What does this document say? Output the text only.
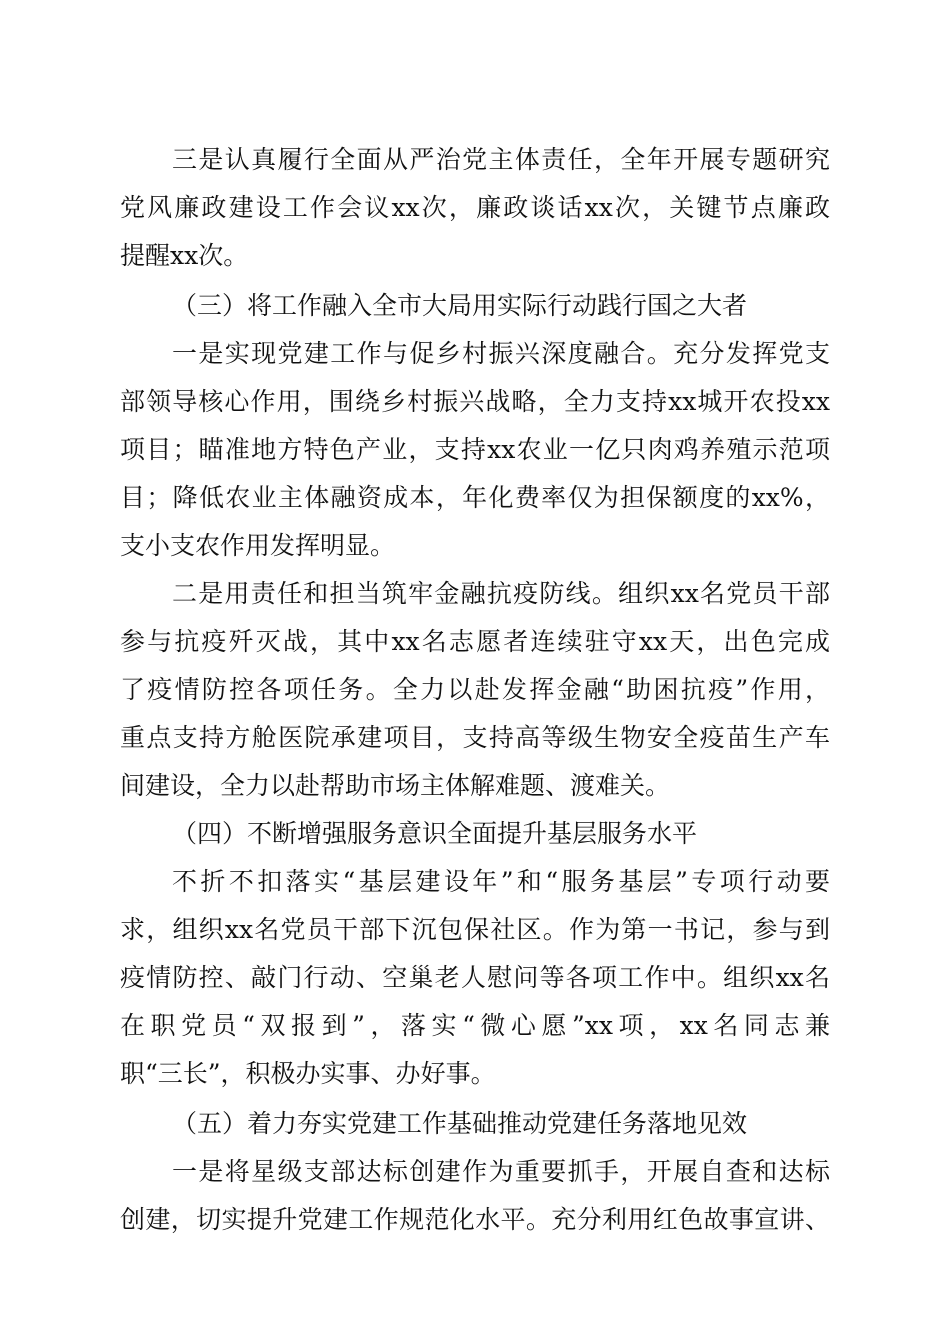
三是认真履行全面从严治党主体责任，全年开展专题研究
党风廉政建设工作会议xx次，廉政谈话xx次，关键节点廉政
提醒xx次。
（三）将工作融入全市大局用实际行动践行国之大者
一是实现党建工作与促乡村振兴深度融合。充分发挥党支
部领导核心作用，围绕乡村振兴战略，全力支持xx城开农投xx
项目；瞄准地方特色产业，支持xx农业一亿只肉鸡养殖示范项
目；降低农业主体融资成本，年化费率仅为担保额度的xx%，
支小支农作用发挥明显。
二是用责任和担当筑牢金融抗疫防线。组织xx名党员干部
参与抗疫歼灭战，其中xx名志愿者连续驻守xx天，出色完成
了疫情防控各项任务。全力以赴发挥金融“助困抗疫”作用，
重点支持方舱医院承建项目，支持高等级生物安全疫苗生产车
间建设，全力以赴帮助市场主体解难题、渡难关。
（四）不断增强服务意识全面提升基层服务水平
不折不扣落实“基层建设年”和“服务基层”专项行动要
求，组织xx名党员干部下沉包保社区。作为第一书记，参与到
疫情防控、敲门行动、空巢老人慰问等各项工作中。组织xx名
在职党员“双报到”，落实“微心愿”xx项，xx名同志兼
职“三长”，积极办实事、办好事。
（五）着力夯实党建工作基础推动党建任务落地见效
一是将星级支部达标创建作为重要抓手，开展自查和达标
创建，切实提升党建工作规范化水平。充分利用红色故事宣讲、
